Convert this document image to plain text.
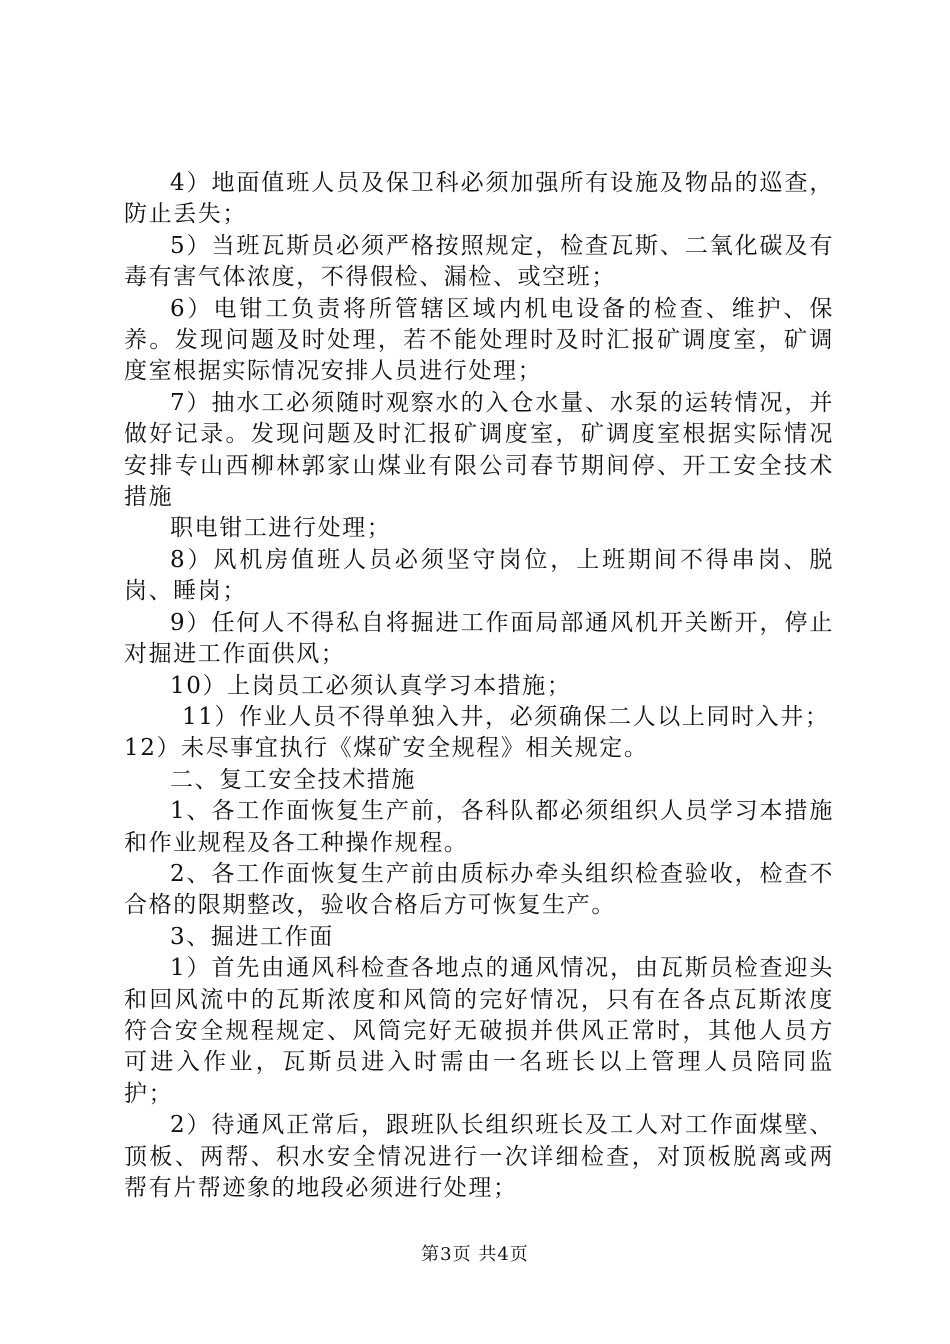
4）地面值班人员及保卫科必须加强所有设施及物品的巡查，防止丢失；

5）当班瓦斯员必须严格按照规定，检查瓦斯、二氧化碳及有毒有害气体浓度，不得假检、漏检、或空班；

6）电钳工负责将所管辖区域内机电设备的检查、维护、保养。发现问题及时处理，若不能处理时及时汇报矿调度室，矿调度室根据实际情况安排人员进行处理；

7）抽水工必须随时观察水的入仓水量、水泵的运转情况，并做好记录。发现问题及时汇报矿调度室，矿调度室根据实际情况安排专山西柳林郭家山煤业有限公司春节期间停、开工安全技术措施

职电钳工进行处理；

8）风机房值班人员必须坚守岗位，上班期间不得串岗、脱岗、睡岗；

9）任何人不得私自将掘进工作面局部通风机开关断开，停止对掘进工作面供风；

10）上岗员工必须认真学习本措施；

11）作业人员不得单独入井，必须确保二人以上同时入井；

12）未尽事宜执行《煤矿安全规程》相关规定。

二、复工安全技术措施

1、各工作面恢复生产前，各科队都必须组织人员学习本措施和作业规程及各工种操作规程。

2、各工作面恢复生产前由质标办牵头组织检查验收，检查不合格的限期整改，验收合格后方可恢复生产。

3、掘进工作面

1）首先由通风科检查各地点的通风情况，由瓦斯员检查迎头和回风流中的瓦斯浓度和风筒的完好情况，只有在各点瓦斯浓度符合安全规程规定、风筒完好无破损并供风正常时，其他人员方可进入作业，瓦斯员进入时需由一名班长以上管理人员陪同监护；

2）待通风正常后，跟班队长组织班长及工人对工作面煤壁、顶板、两帮、积水安全情况进行一次详细检查，对顶板脱离或两帮有片帮迹象的地段必须进行处理；

第3页 共4页
